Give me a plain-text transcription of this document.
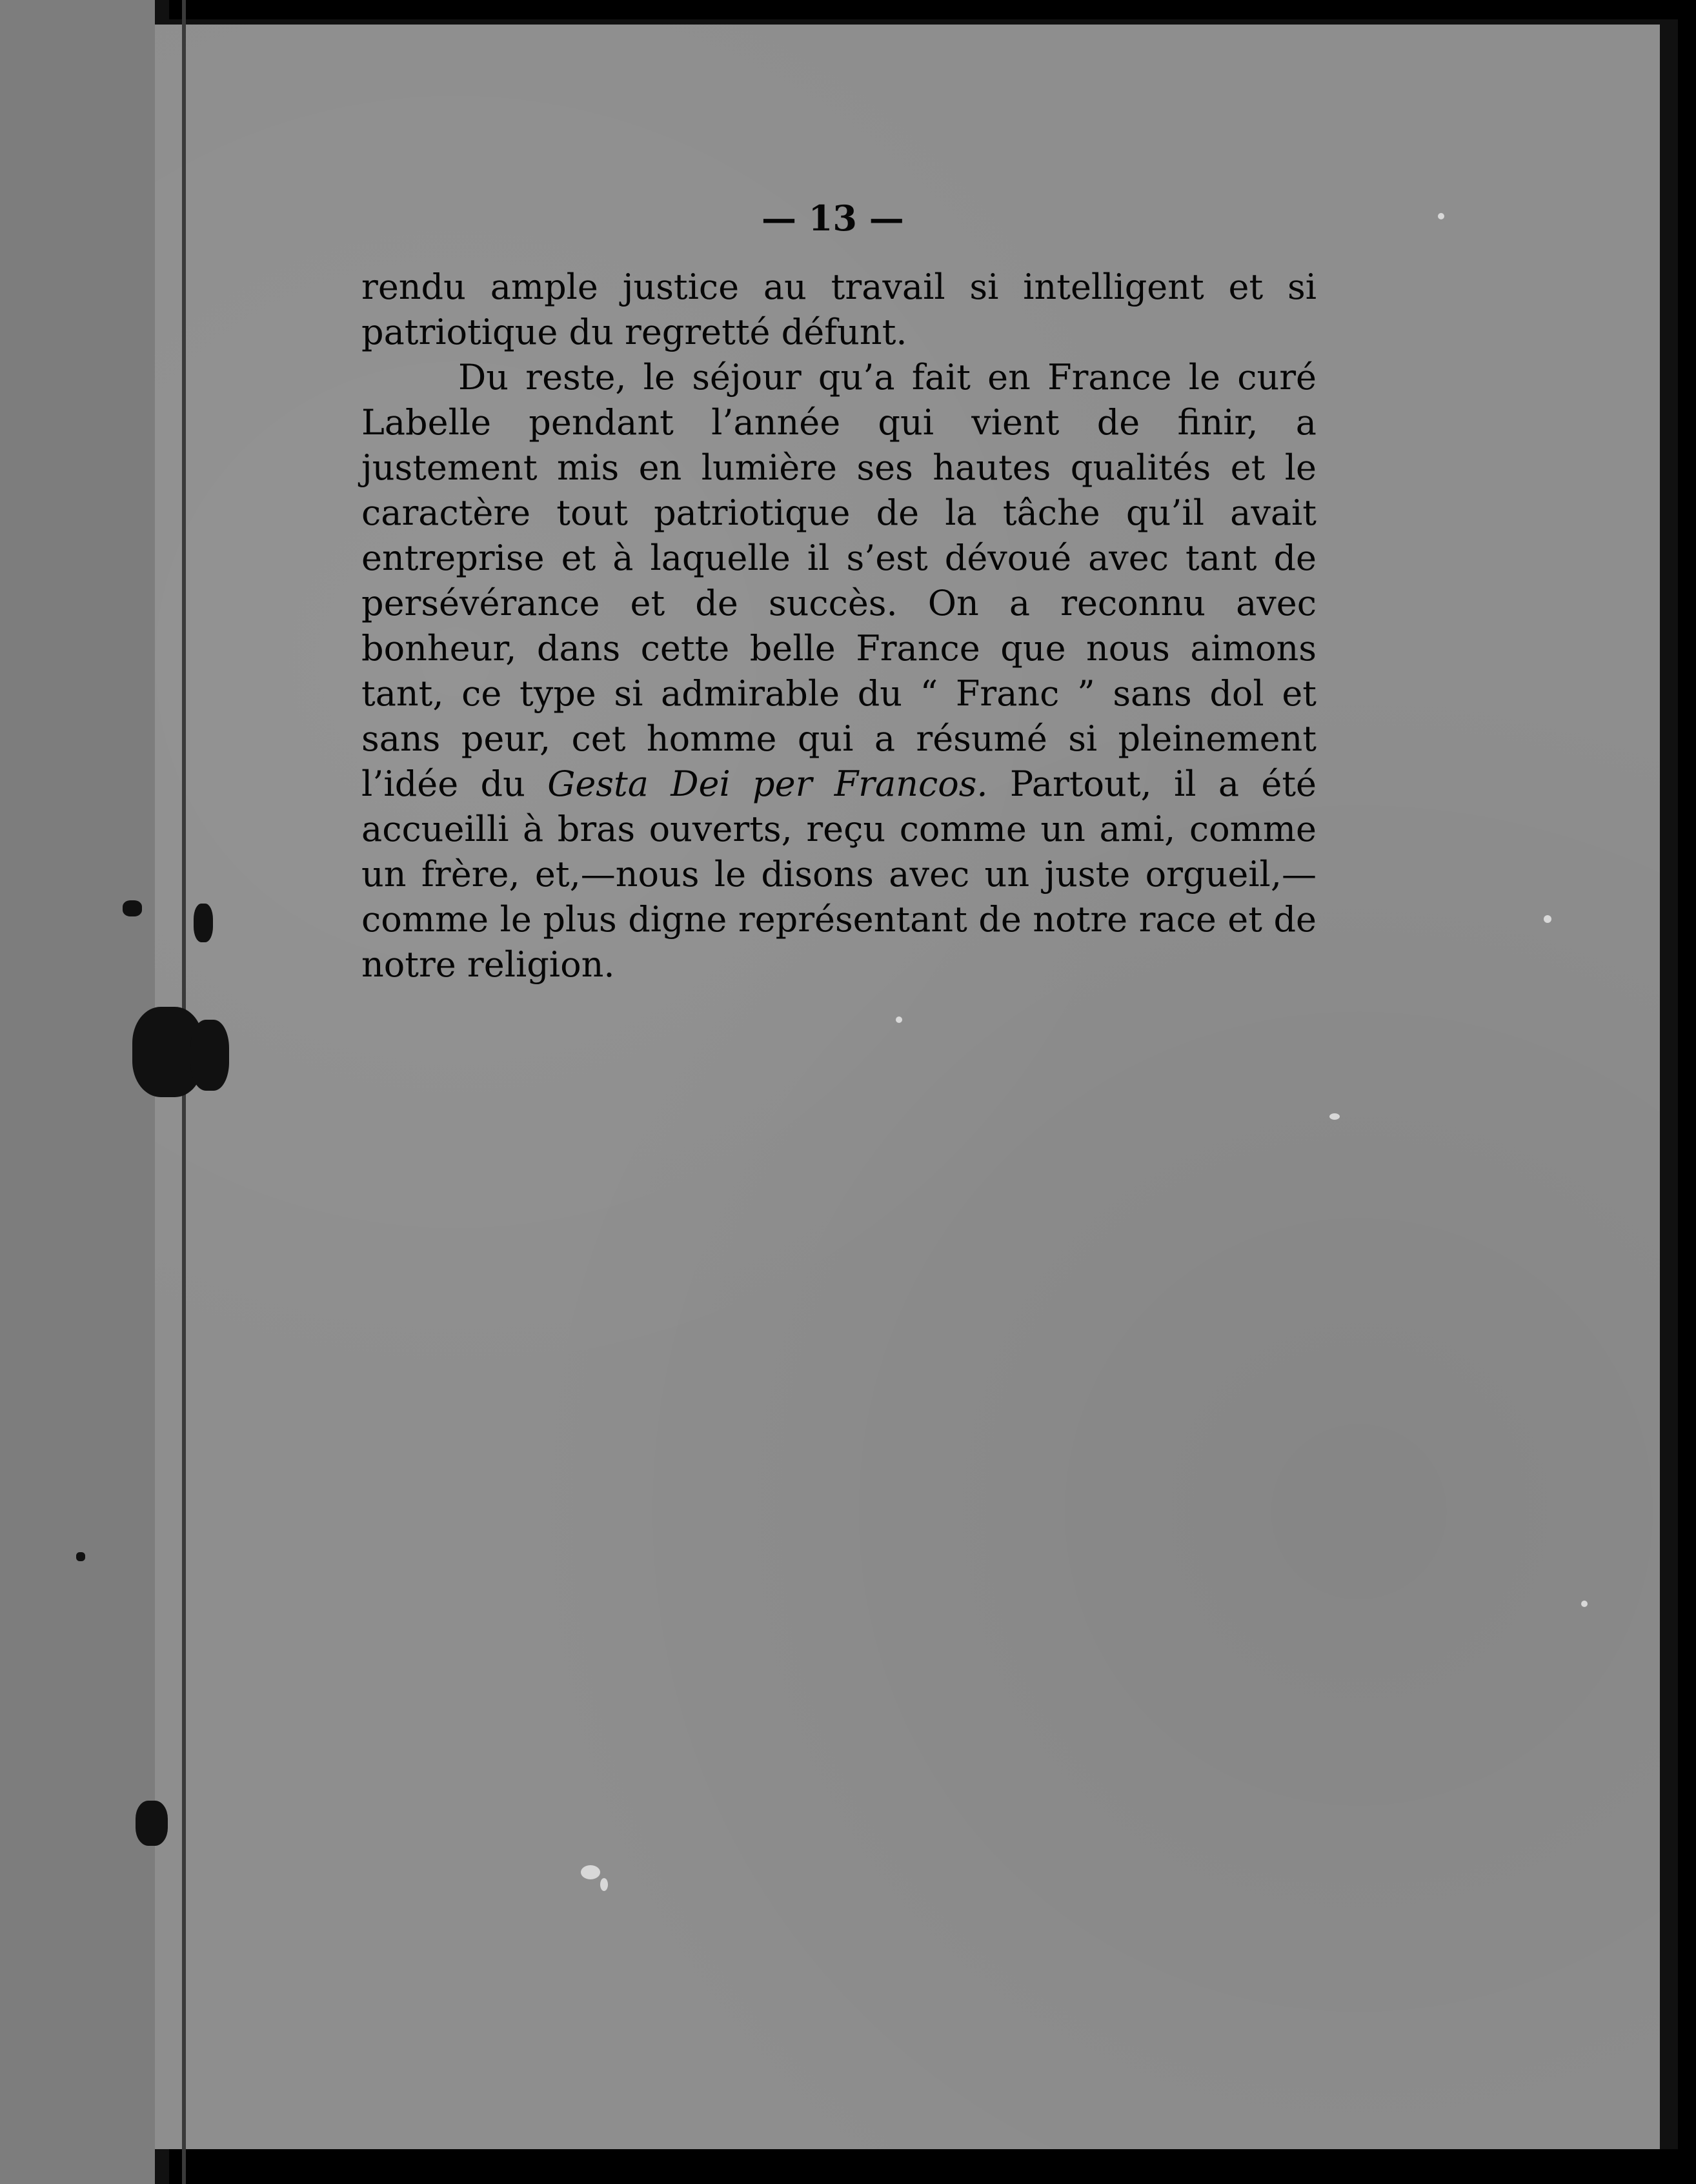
— 13 —

rendu ample justice au travail si intelligent et si patriotique du regretté défunt.

Du reste, le séjour qu’a fait en France le curé Labelle pendant l’année qui vient de finir, a justement mis en lumière ses hautes qualités et le caractère tout patriotique de la tâche qu’il avait entreprise et à laquelle il s’est dévoué avec tant de persévérance et de succès. On a reconnu avec bonheur, dans cette belle France que nous aimons tant, ce type si admirable du “ Franc ” sans dol et sans peur, cet homme qui a résumé si pleinement l’idée du Gesta Dei per Francos. Partout, il a été accueilli à bras ouverts, reçu comme un ami, comme un frère, et,—nous le disons avec un juste orgueil,—comme le plus digne représentant de notre race et de notre religion.
